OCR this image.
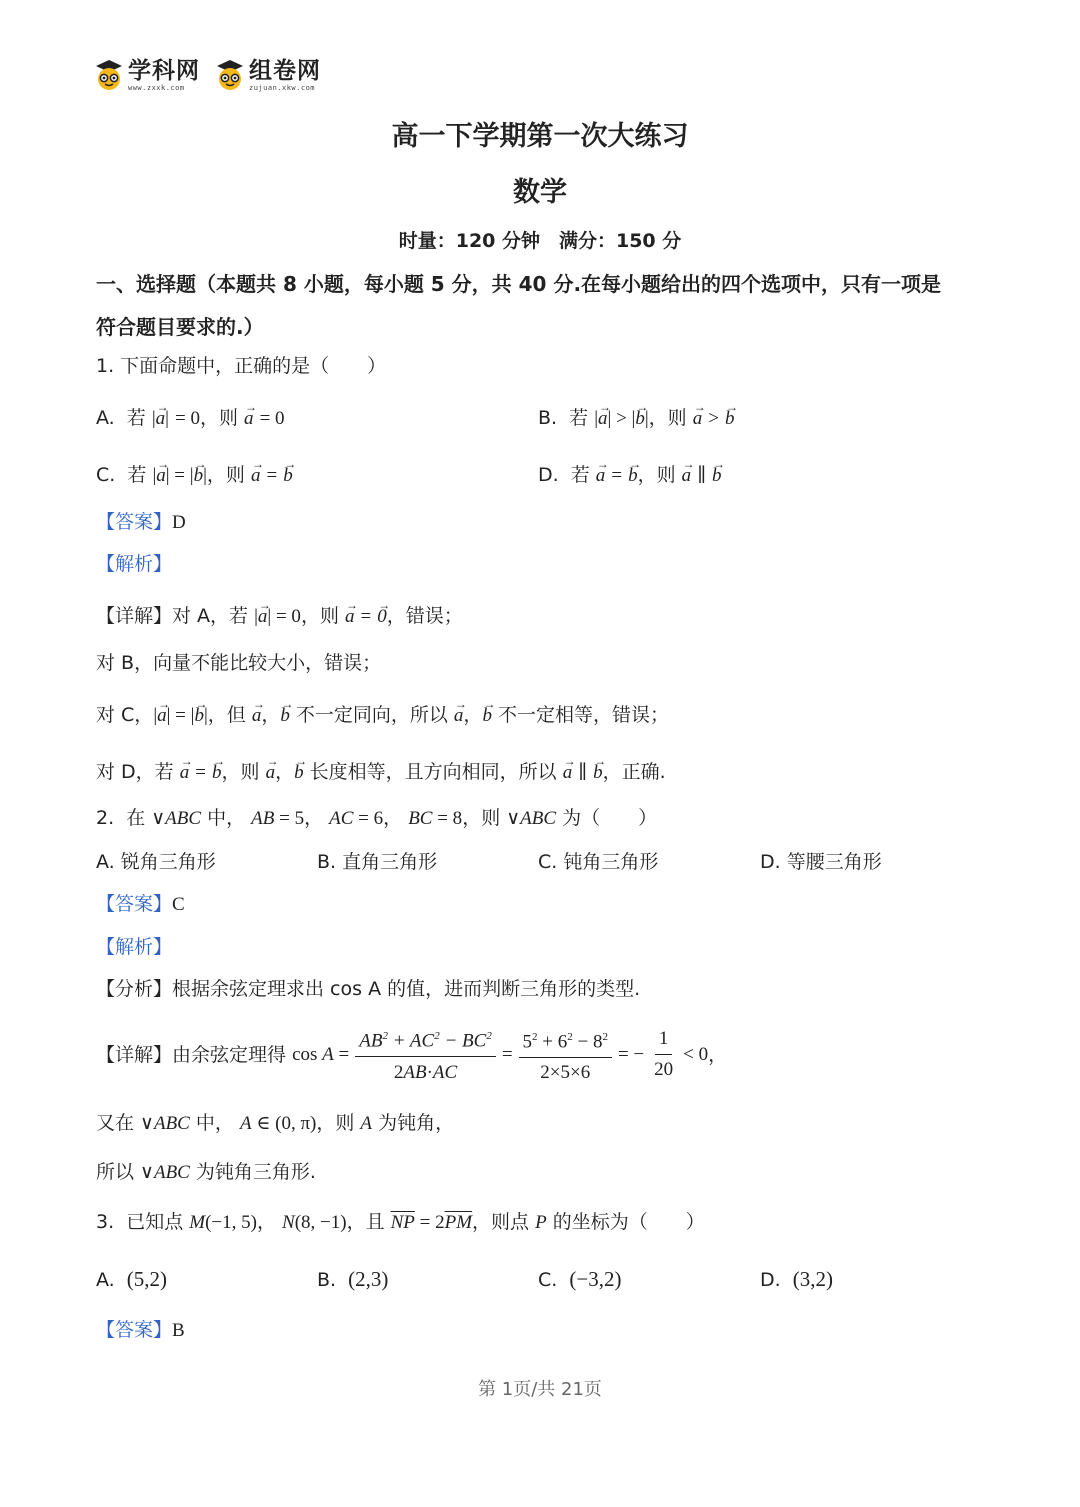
学科网
www.zxxk.com
组卷网
zujuan.xkw.com
高一下学期第一次大练习
数学
时量：120 分钟　满分：150 分
一、选择题（本题共 8 小题，每小题 5 分，共 40 分.在每小题给出的四个选项中，只有一项是
符合题目要求的.）
1. 下面命题中，正确的是（　　）
A.  若 |→ a| = 0，则 → a = 0	B.  若 |→ a| > |→ b|，则 → a > → b
C.  若 |→ a| = |→ b|，则 → a = → b	D.  若 → a = → b，则 → a ∥ → b
【答案】D
【解析】
【详解】对 A，若 |→ a| = 0，则 → a = → 0，错误；
对 B，向量不能比较大小，错误；
对 C，|→ a| = |→ b|，但 → a，→ b 不一定同向，所以 → a，→ b 不一定相等，错误；
对 D，若 → a = → b，则 → a，→ b 长度相等，且方向相同，所以 → a ∥ → b，正确.
2.  在 ∨ABC 中， AB = 5， AC = 6， BC = 8，则 ∨ABC 为（　　）
A. 锐角三角形	B. 直角三角形	C. 钝角三角形	D. 等腰三角形
【答案】C
【解析】
【分析】根据余弦定理求出 cos A 的值，进而判断三角形的类型.
【详解】 由余弦定理得 $\cos A = \frac{AB^2 + AC^2 - BC^2}{2AB\cdot AC} = \frac{5^2 + 6^2 - 8^2}{2\times 5\times 6}$ = − $\frac{1}{20} < 0$ ，
又在 ∨ABC 中， A ∈ (0, π)，则 A 为钝角，
所以 ∨ABC 为钝角三角形.
3.  已知点 M(−1, 5)， N(8, −1)，且 $\overline{NP} = 2\overline{PM}$，则点 P 的坐标为（　　）
A.  (5,2)	B.  (2,3)	C.  (−3,2)	D.  (3,2)
【答案】B
第 1页/共 21页
